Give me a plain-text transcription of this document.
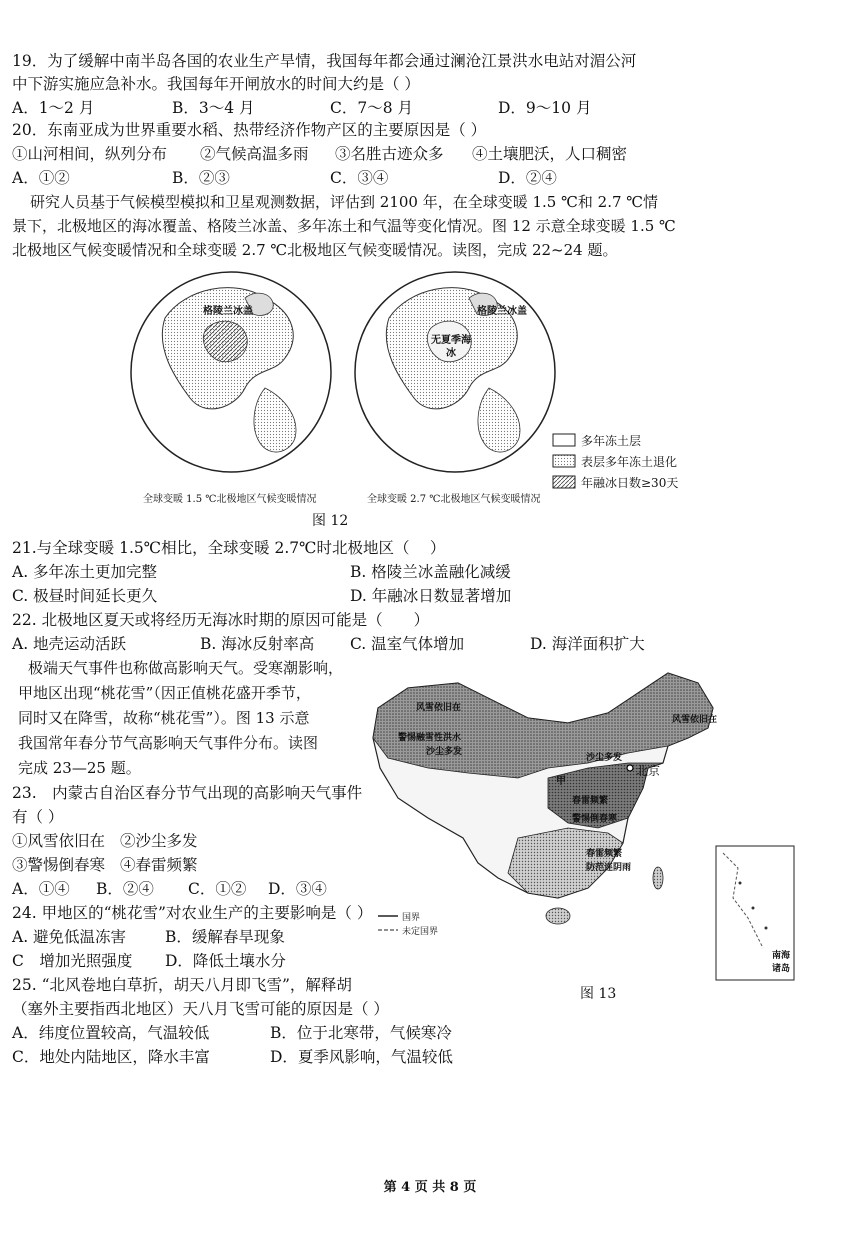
19．为了缓解中南半岛各国的农业生产旱情，我国每年都会通过澜沧江景洪水电站对湄公河
中下游实施应急补水。我国每年开闸放水的时间大约是（ ）
A．1～2 月	B．3～4 月	C．7～8 月	D．9～10 月
20．东南亚成为世界重要水稻、热带经济作物产区的主要原因是（ ）
①山河相间，纵列分布 ②气候高温多雨 ③名胜古迹众多 ④土壤肥沃，人口稠密
A．①②	B．②③	C．③④	D．②④
研究人员基于气候模型模拟和卫星观测数据，评估到 2100 年，在全球变暖 1.5 ℃和 2.7 ℃情
景下，北极地区的海冰覆盖、格陵兰冰盖、多年冻土和气温等变化情况。图 12 示意全球变暖 1.5 ℃
北极地区气候变暖情况和全球变暖 2.7 ℃北极地区气候变暖情况。读图，完成 22~24 题。
格陵兰冰盖	格陵兰冰盖
无夏季海冰
多年冻土层
表层多年冻土退化
年融冰日数≥30天
全球变暖 1.5 ℃北极地区气候变暖情况	全球变暖 2.7 ℃北极地区气候变暖情况
图 12
21.与全球变暖 1.5℃相比，全球变暖 2.7℃时北极地区（　 ）
A. 多年冻土更加完整	B. 格陵兰冰盖融化减缓
C. 极昼时间延长更久	D. 年融冰日数显著增加
22. 北极地区夏天或将经历无海冰时期的原因可能是（　　）
A. 地壳运动活跃	B. 海冰反射率高 C. 温室气体增加	D. 海洋面积扩大
极端天气事件也称做高影响天气。受寒潮影响，
甲地区出现“桃花雪”（因正值桃花盛开季节，
同时又在降雪，故称“桃花雪”）。图 13 示意
我国常年春分节气高影响天气事件分布。读图
完成 23—25 题。
风雪依旧在
警惕融雪性洪水
沙尘多发
风雪依旧在
沙尘多发
北京
春雷频繁
警惕倒春寒
春雷频繁
防范连阴雨
甲
国界
未定国界
南海
诸岛
图 13
23.　内蒙古自治区春分节气出现的高影响天气事件
有（ ）
①风雪依旧在 ②沙尘多发
③警惕倒春寒 ④春雷频繁
A．①④ B．②④ C．①② D．③④
24. 甲地区的“桃花雪”对农业生产的主要影响是（ ）
A. 避免低温冻害	B．缓解春旱现象
C　增加光照强度 D．降低土壤水分
25. “北风卷地白草折，胡天八月即飞雪”，解释胡
（塞外主要指西北地区）天八月飞雪可能的原因是（ ）
A．纬度位置较高，气温较低	B．位于北寒带，气候寒冷
C．地处内陆地区，降水丰富	D．夏季风影响，气温较低
第 4 页 共 8 页
